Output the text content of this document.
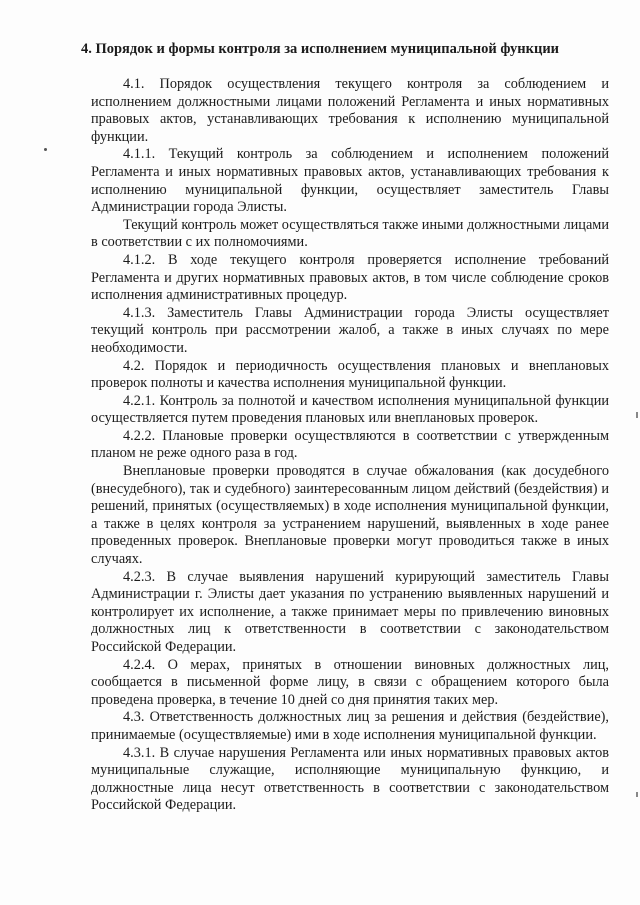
4. Порядок и формы контроля за исполнением муниципальной функции

4.1. Порядок осуществления текущего контроля за соблюдением и исполнением должностными лицами положений Регламента и иных нормативных правовых актов, устанавливающих требования к исполнению муниципальной функции.

4.1.1. Текущий контроль за соблюдением и исполнением положений Регламента и иных нормативных правовых актов, устанавливающих требования к исполнению муниципальной функции, осуществляет заместитель Главы Администрации города Элисты.

Текущий контроль может осуществляться также иными должностными лицами в соответствии с их полномочиями.

4.1.2. В ходе текущего контроля проверяется исполнение требований Регламента и других нормативных правовых актов, в том числе соблюдение сроков исполнения административных процедур.

4.1.3. Заместитель Главы Администрации города Элисты осуществляет текущий контроль при рассмотрении жалоб, а также в иных случаях по мере необходимости.

4.2. Порядок и периодичность осуществления плановых и внеплановых проверок полноты и качества исполнения муниципальной функции.

4.2.1. Контроль за полнотой и качеством исполнения муниципальной функции осуществляется путем проведения плановых или внеплановых проверок.

4.2.2. Плановые проверки осуществляются в соответствии с утвержденным планом не реже одного раза в год.

Внеплановые проверки проводятся в случае обжалования (как досудебного (внесудебного), так и судебного) заинтересованным лицом действий (бездействия) и решений, принятых (осуществляемых) в ходе исполнения муниципальной функции, а также в целях контроля за устранением нарушений, выявленных в ходе ранее проведенных проверок. Внеплановые проверки могут проводиться также в иных случаях.

4.2.3. В случае выявления нарушений курирующий заместитель Главы Администрации г. Элисты дает указания по устранению выявленных нарушений и контролирует их исполнение, а также принимает меры по привлечению виновных должностных лиц к ответственности в соответствии с законодательством Российской Федерации.

4.2.4. О мерах, принятых в отношении виновных должностных лиц, сообщается в письменной форме лицу, в связи с обращением которого была проведена проверка, в течение 10 дней со дня принятия таких мер.

4.3. Ответственность должностных лиц за решения и действия (бездействие), принимаемые (осуществляемые) ими в ходе исполнения муниципальной функции.

4.3.1. В случае нарушения Регламента или иных нормативных правовых актов муниципальные служащие, исполняющие муниципальную функцию, и должностные лица несут ответственность в соответствии с законодательством Российской Федерации.
